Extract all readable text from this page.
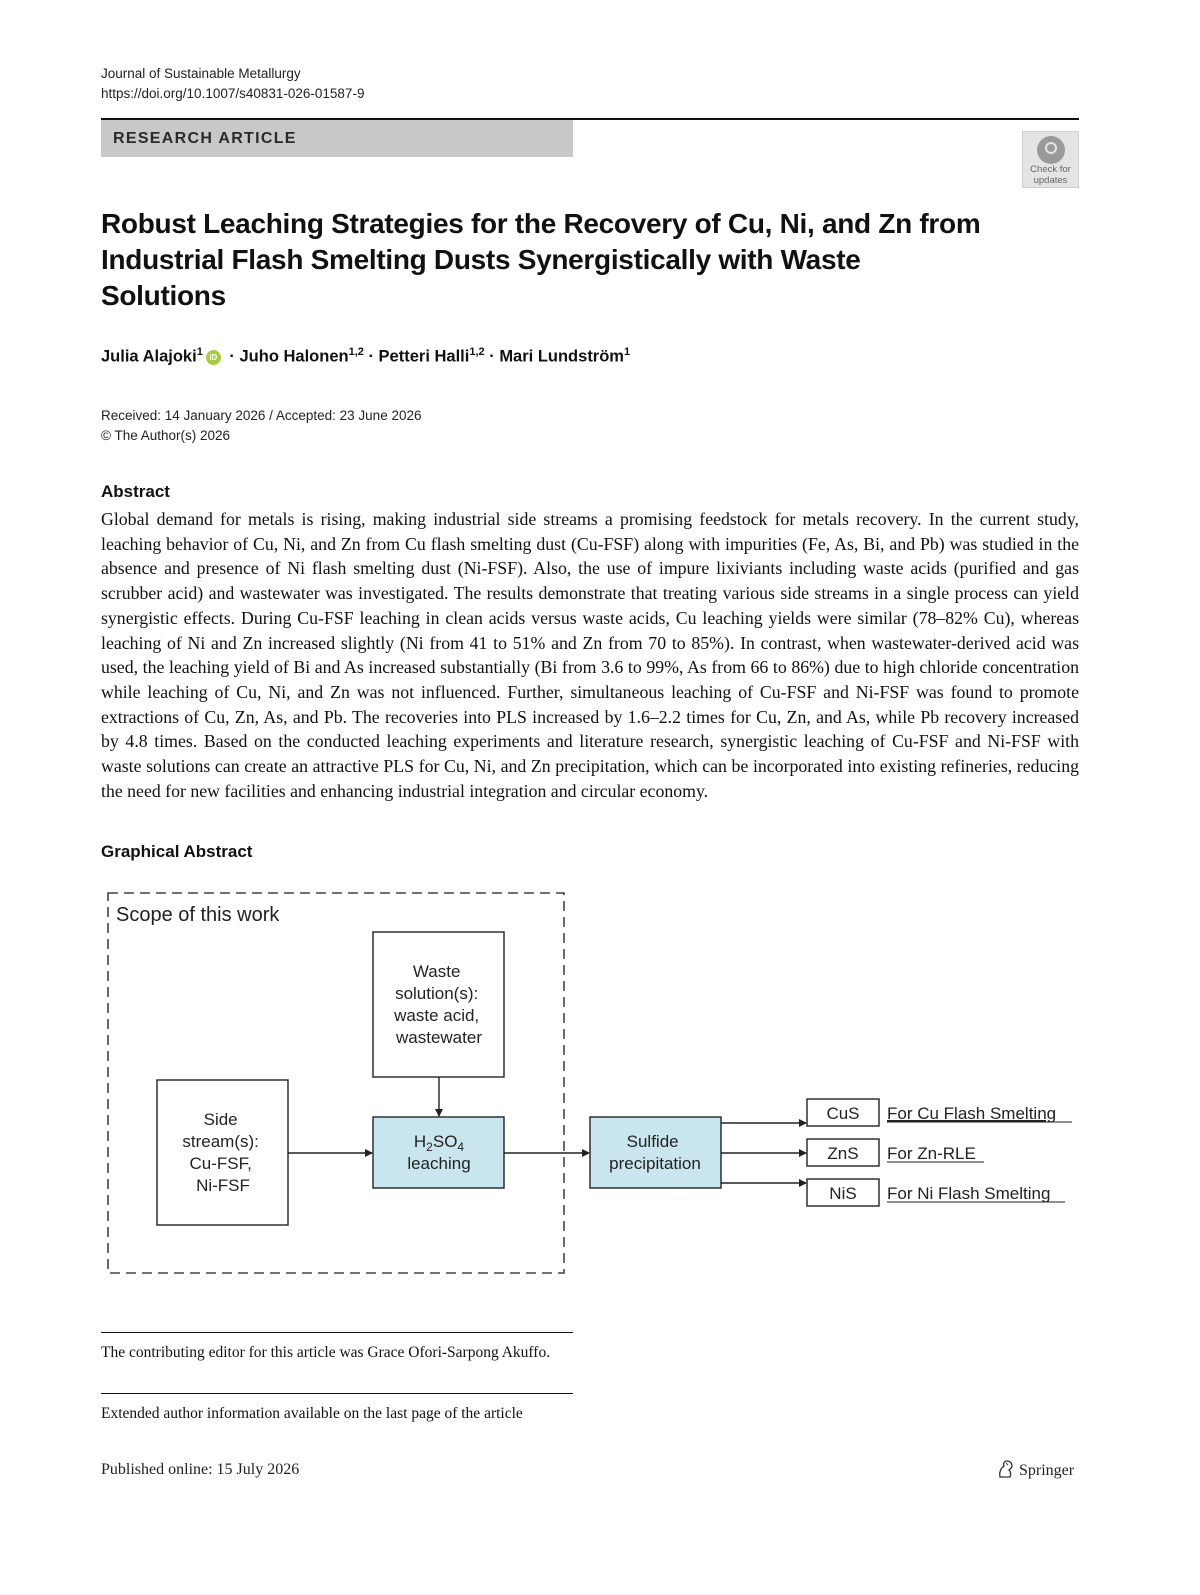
Journal of Sustainable Metallurgy
https://doi.org/10.1007/s40831-026-01587-9
RESEARCH ARTICLE
Check for
updates
Robust Leaching Strategies for the Recovery of Cu, Ni, and Zn from Industrial Flash Smelting Dusts Synergistically with Waste Solutions
Julia Alajoki$^1$ iD · Juho Halonen$^{1,2}$ · Petteri Halli$^{1,2}$ · Mari Lundström$^1$
Received: 14 January 2026 / Accepted: 23 June 2026
© The Author(s) 2026
Abstract
Global demand for metals is rising, making industrial side streams a promising feedstock for metals recovery. In the current study, leaching behavior of Cu, Ni, and Zn from Cu flash smelting dust (Cu-FSF) along with impurities (Fe, As, Bi, and Pb) was studied in the absence and presence of Ni flash smelting dust (Ni-FSF). Also, the use of impure lixiviants including waste acids (purified and gas scrubber acid) and wastewater was investigated. The results demonstrate that treating various side streams in a single process can yield synergistic effects. During Cu-FSF leaching in clean acids versus waste acids, Cu leaching yields were similar (78–82% Cu), whereas leaching of Ni and Zn increased slightly (Ni from 41 to 51% and Zn from 70 to 85%). In contrast, when wastewater-derived acid was used, the leaching yield of Bi and As increased substantially (Bi from 3.6 to 99%, As from 66 to 86%) due to high chloride concentration while leaching of Cu, Ni, and Zn was not influenced. Further, simultaneous leaching of Cu-FSF and Ni-FSF was found to promote extractions of Cu, Zn, As, and Pb. The recoveries into PLS increased by 1.6–2.2 times for Cu, Zn, and As, while Pb recovery increased by 4.8 times. Based on the conducted leaching experiments and literature research, synergistic leaching of Cu-FSF and Ni-FSF with waste solutions can create an attractive PLS for Cu, Ni, and Zn precipitation, which can be incorporated into existing refineries, reducing the need for new facilities and enhancing industrial integration and circular economy.
Graphical Abstract
Scope of this work
Waste solution(s): waste acid, wastewater
Side stream(s): Cu-FSF, Ni-FSF
$H_2SO_4$
leaching
Sulfide precipitation
CuS For Cu Flash Smelting
ZnS For Zn-RLE
NiS For Ni Flash Smelting
The contributing editor for this article was Grace Ofori-Sarpong Akuffo.
Extended author information available on the last page of the article
Published online: 15 July 2026	Springer
